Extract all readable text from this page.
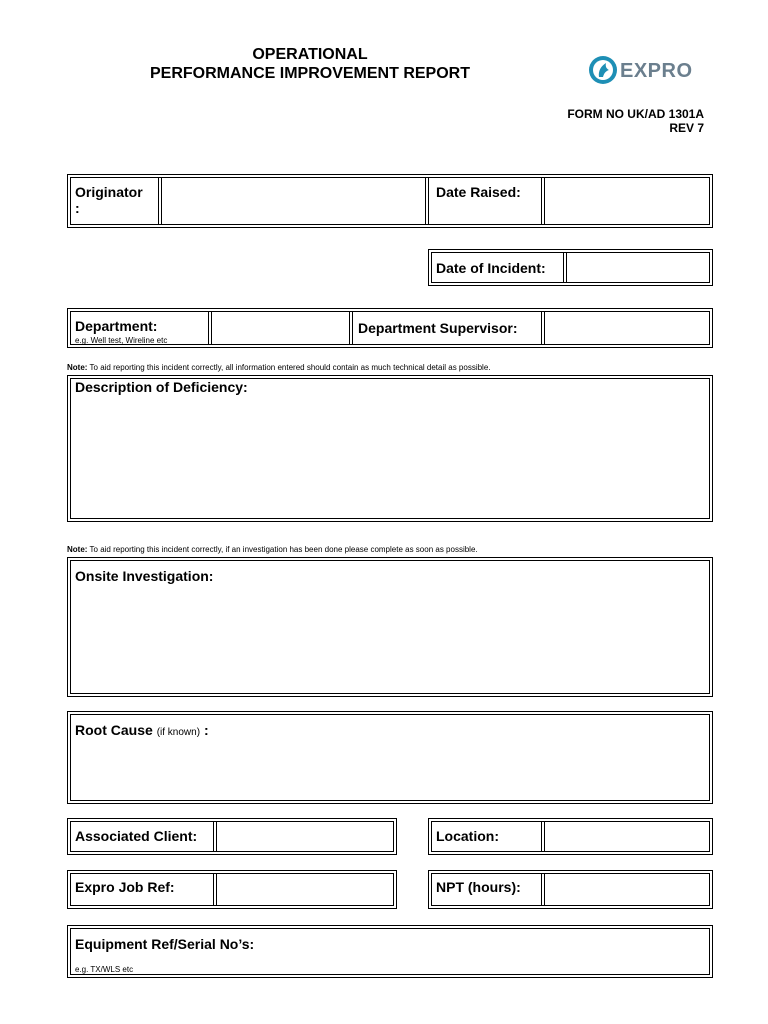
OPERATIONAL
PERFORMANCE IMPROVEMENT REPORT	EXPRO
FORM NO UK/AD 1301A
REV 7
Originator
:
Date Raised:
Date of Incident:
Department:
e.g. Well test, Wireline etc
Department Supervisor:
Note: To aid reporting this incident correctly, all information entered should contain as much technical detail as possible.
Description of Deficiency:
Note: To aid reporting this incident correctly, if an investigation has been done please complete as soon as possible.
Onsite Investigation:
Root Cause (if known) :
Associated Client:	Location:
Expro Job Ref:	NPT (hours):
Equipment Ref/Serial No’s:
e.g. TX/WLS etc
